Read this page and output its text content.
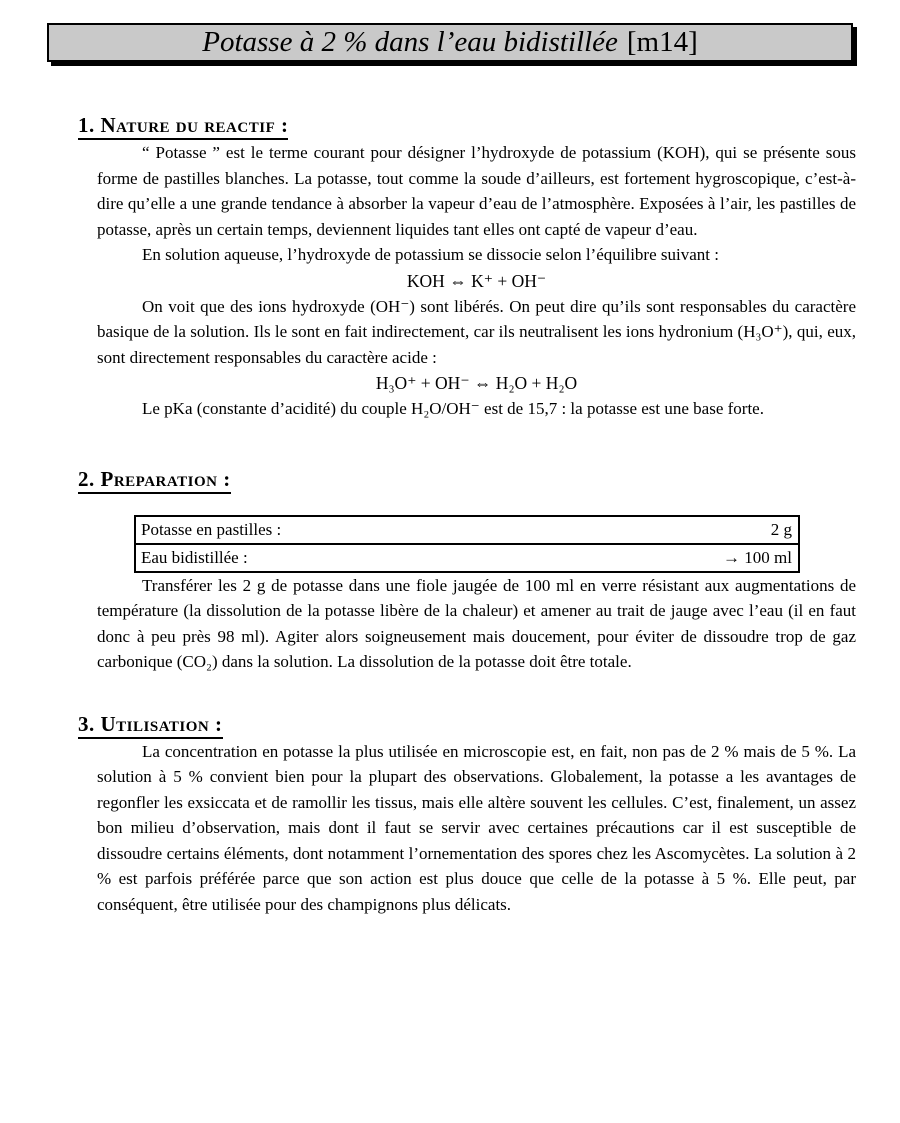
Potasse à 2 % dans l’eau bidistillée [m14]
1. Nature du reactif :

“ Potasse ” est le terme courant pour désigner l’hydroxyde de potassium (KOH), qui se présente sous forme de pastilles blanches. La potasse, tout comme la soude d’ailleurs, est fortement hygroscopique, c’est-à-dire qu’elle a une grande tendance à absorber la vapeur d’eau de l’atmosphère. Exposées à l’air, les pastilles de potasse, après un certain temps, deviennent liquides tant elles ont capté de vapeur d’eau.

En solution aqueuse, l’hydroxyde de potassium se dissocie selon l’équilibre suivant :

KOH ⇔ K⁺ + OH⁻

On voit que des ions hydroxyde (OH⁻) sont libérés. On peut dire qu’ils sont responsables du caractère basique de la solution. Ils le sont en fait indirectement, car ils neutralisent les ions hydronium (H₃O⁺), qui, eux, sont directement responsables du caractère acide :

H₃O⁺ + OH⁻ ⇔ H₂O + H₂O

Le pKa (constante d’acidité) du couple H₂O/OH⁻ est de 15,7 : la potasse est une base forte.

2. Preparation :
Potasse en pastilles :	2 g
Eau bidistillée :	→ 100 ml

Transférer les 2 g de potasse dans une fiole jaugée de 100 ml en verre résistant aux augmentations de température (la dissolution de la potasse libère de la chaleur) et amener au trait de jauge avec l’eau (il en faut donc à peu près 98 ml). Agiter alors soigneusement mais doucement, pour éviter de dissoudre trop de gaz carbonique (CO₂) dans la solution. La dissolution de la potasse doit être totale.

3. Utilisation :

La concentration en potasse la plus utilisée en microscopie est, en fait, non pas de 2 % mais de 5 %. La solution à 5 % convient bien pour la plupart des observations. Globalement, la potasse a les avantages de regonfler les exsiccata et de ramollir les tissus, mais elle altère souvent les cellules. C’est, finalement, un assez bon milieu d’observation, mais dont il faut se servir avec certaines précautions car il est susceptible de dissoudre certains éléments, dont notamment l’ornementation des spores chez les Ascomycètes. La solution à 2 % est parfois préférée parce que son action est plus douce que celle de la potasse à 5 %. Elle peut, par conséquent, être utilisée pour des champignons plus délicats.
